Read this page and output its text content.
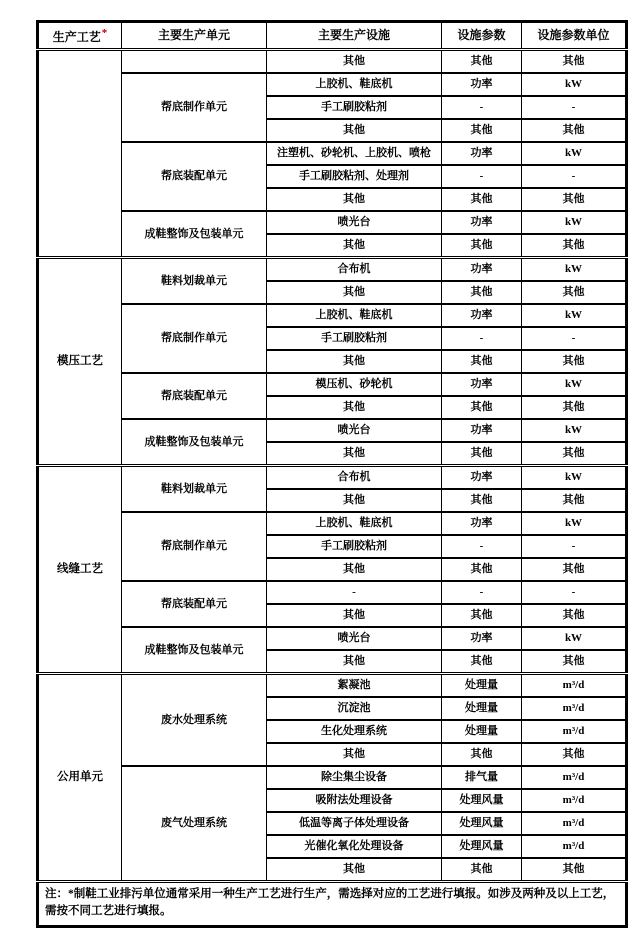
生产工艺*	主要生产单元	主要生产设施	设施参数	设施参数单位
		其他	其他	其他
	帮底制作单元	上胶机、鞋底机	功率	kW
		手工刷胶粘剂	-	-
		其他	其他	其他
	帮底装配单元	注塑机、砂轮机、上胶机、喷枪	功率	kW
		手工刷胶粘剂、处理剂	-	-
		其他	其他	其他
	成鞋整饰及包装单元	喷光台	功率	kW
		其他	其他	其他
模压工艺	鞋料划裁单元	合布机	功率	kW
		其他	其他	其他
	帮底制作单元	上胶机、鞋底机	功率	kW
		手工刷胶粘剂	-	-
		其他	其他	其他
	帮底装配单元	模压机、砂轮机	功率	kW
		其他	其他	其他
	成鞋整饰及包装单元	喷光台	功率	kW
		其他	其他	其他
线缝工艺	鞋料划裁单元	合布机	功率	kW
		其他	其他	其他
	帮底制作单元	上胶机、鞋底机	功率	kW
		手工刷胶粘剂	-	-
		其他	其他	其他
	帮底装配单元	-	-	-
		其他	其他	其他
	成鞋整饰及包装单元	喷光台	功率	kW
		其他	其他	其他
公用单元	废水处理系统	絮凝池	处理量	m³/d
		沉淀池	处理量	m³/d
		生化处理系统	处理量	m³/d
		其他	其他	其他
	废气处理系统	除尘集尘设备	排气量	m³/d
		吸附法处理设备	处理风量	m³/d
		低温等离子体处理设备	处理风量	m³/d
		光催化氧化处理设备	处理风量	m³/d
		其他	其他	其他
注：*制鞋工业排污单位通常采用一种生产工艺进行生产，需选择对应的工艺进行填报。如涉及两种及以上工艺，需按不同工艺进行填报。				
